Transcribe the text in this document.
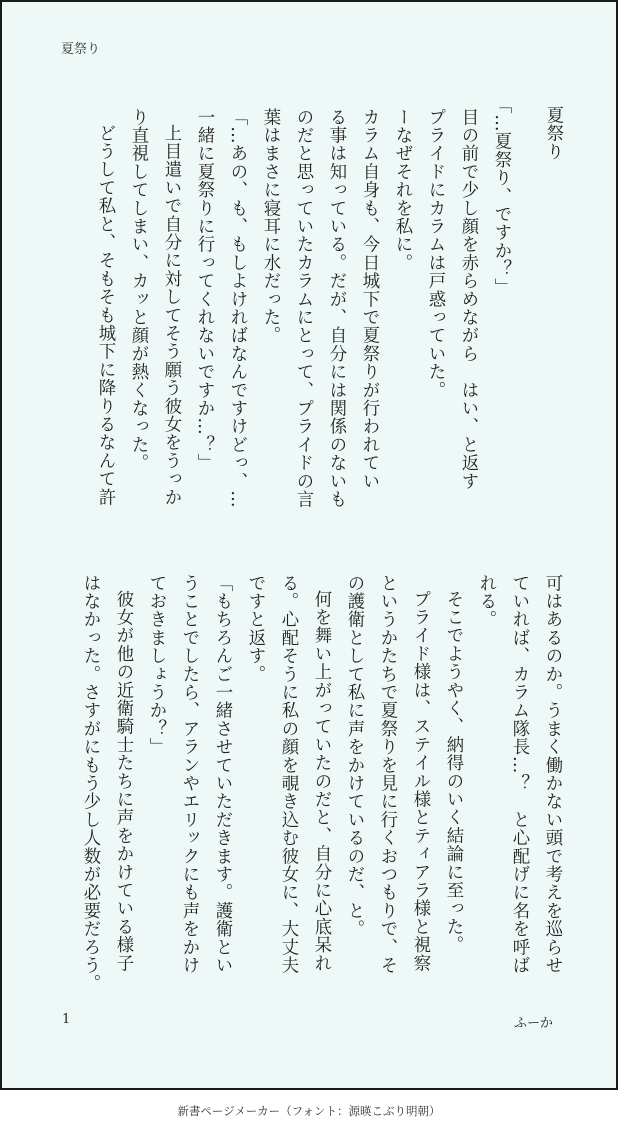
夏祭り
夏祭り
目の前で少し顔を赤らめながら　はい、と返す
プライドにカラムは戸惑っていた。
ーなぜそれを私に。
カラム自身も、今日城下で夏祭りが行われてい
る事は知っている。だが、自分には関係のないも
のだと思っていたカラムにとって、プライドの言
葉はまさに寝耳に水だった。
「…あの、も、もしよければなんですけどっ、…
一緒に夏祭りに行ってくれないですか…？」
上目遣いで自分に対してそう願う彼女をうっか
り直視してしまい、カッと顔が熱くなった。
どうして私と、そもそも城下に降りるなんて許	「…夏祭り、ですか？」
可はあるのか。うまく働かない頭で考えを巡らせ
ていれば、カラム隊長…？　と心配げに名を呼ば
れる。
そこでようやく、納得のいく結論に至った。
プライド様は、ステイル様とティアラ様と視察
というかたちで夏祭りを見に行くおつもりで、そ
の護衛として私に声をかけているのだ、と。
何を舞い上がっていたのだと、自分に心底呆れ
る。心配そうに私の顔を覗き込む彼女に、大丈夫
ですと返す。
「もちろんご一緒させていただきます。護衛とい
うことでしたら、アランやエリックにも声をかけ
ておきましょうか？」
彼女が他の近衛騎士たちに声をかけている様子
はなかった。さすがにもう少し人数が必要だろう。
1	ふーか
新書ページメーカー（フォント：源暎こぶり明朝）
